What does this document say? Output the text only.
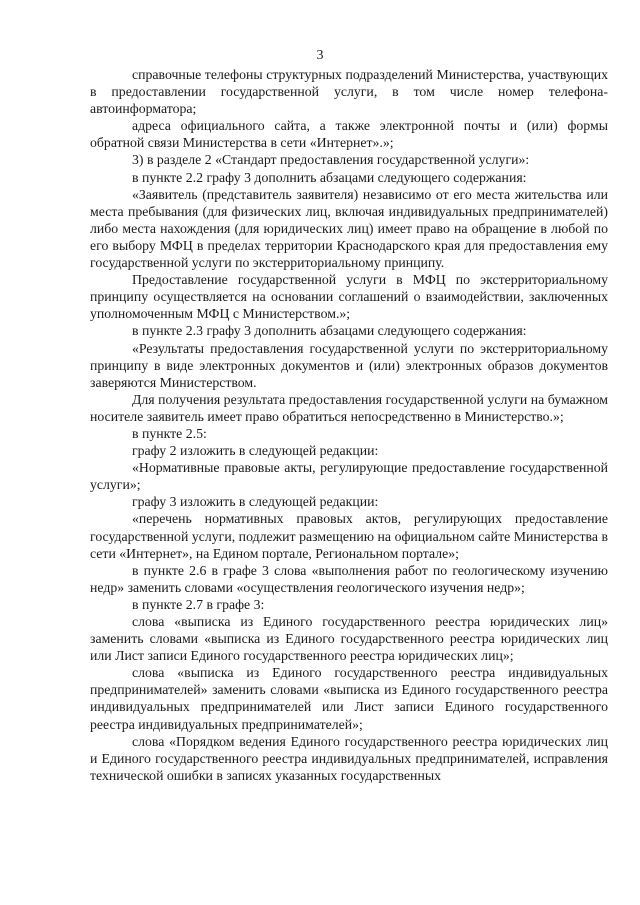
3

справочные телефоны структурных подразделений Министерства, участвующих в предоставлении государственной услуги, в том числе номер телефона-автоинформатора;

адреса официального сайта, а также электронной почты и (или) формы обратной связи Министерства в сети «Интернет».»;

3) в разделе 2 «Стандарт предоставления государственной услуги»:

в пункте 2.2 графу 3 дополнить абзацами следующего содержания:

«Заявитель (представитель заявителя) независимо от его места жительства или места пребывания (для физических лиц, включая индивидуальных предпринимателей) либо места нахождения (для юридических лиц) имеет право на обращение в любой по его выбору МФЦ в пределах территории Краснодарского края для предоставления ему государственной услуги по экстерриториальному принципу.

Предоставление государственной услуги в МФЦ по экстерриториальному принципу осуществляется на основании соглашений о взаимодействии, заключенных уполномоченным МФЦ с Министерством.»;

в пункте 2.3 графу 3 дополнить абзацами следующего содержания:

«Результаты предоставления государственной услуги по экстерриториальному принципу в виде электронных документов и (или) электронных образов документов заверяются Министерством.

Для получения результата предоставления государственной услуги на бумажном носителе заявитель имеет право обратиться непосредственно в Министерство.»;

в пункте 2.5:

графу 2 изложить в следующей редакции:

«Нормативные правовые акты, регулирующие предоставление государственной услуги»;

графу 3 изложить в следующей редакции:

«перечень нормативных правовых актов, регулирующих предоставление государственной услуги, подлежит размещению на официальном сайте Министерства в сети «Интернет», на Едином портале, Региональном портале»;

в пункте 2.6 в графе 3 слова «выполнения работ по геологическому изучению недр» заменить словами «осуществления геологического изучения недр»;

в пункте 2.7 в графе 3:

слова «выписка из Единого государственного реестра юридических лиц» заменить словами «выписка из Единого государственного реестра юридических лиц или Лист записи Единого государственного реестра юридических лиц»;

слова «выписка из Единого государственного реестра индивидуальных предпринимателей» заменить словами «выписка из Единого государственного реестра индивидуальных предпринимателей или Лист записи Единого государственного реестра индивидуальных предпринимателей»;

слова «Порядком ведения Единого государственного реестра юридических лиц и Единого государственного реестра индивидуальных предпринимателей, исправления технической ошибки в записях указанных государственных
